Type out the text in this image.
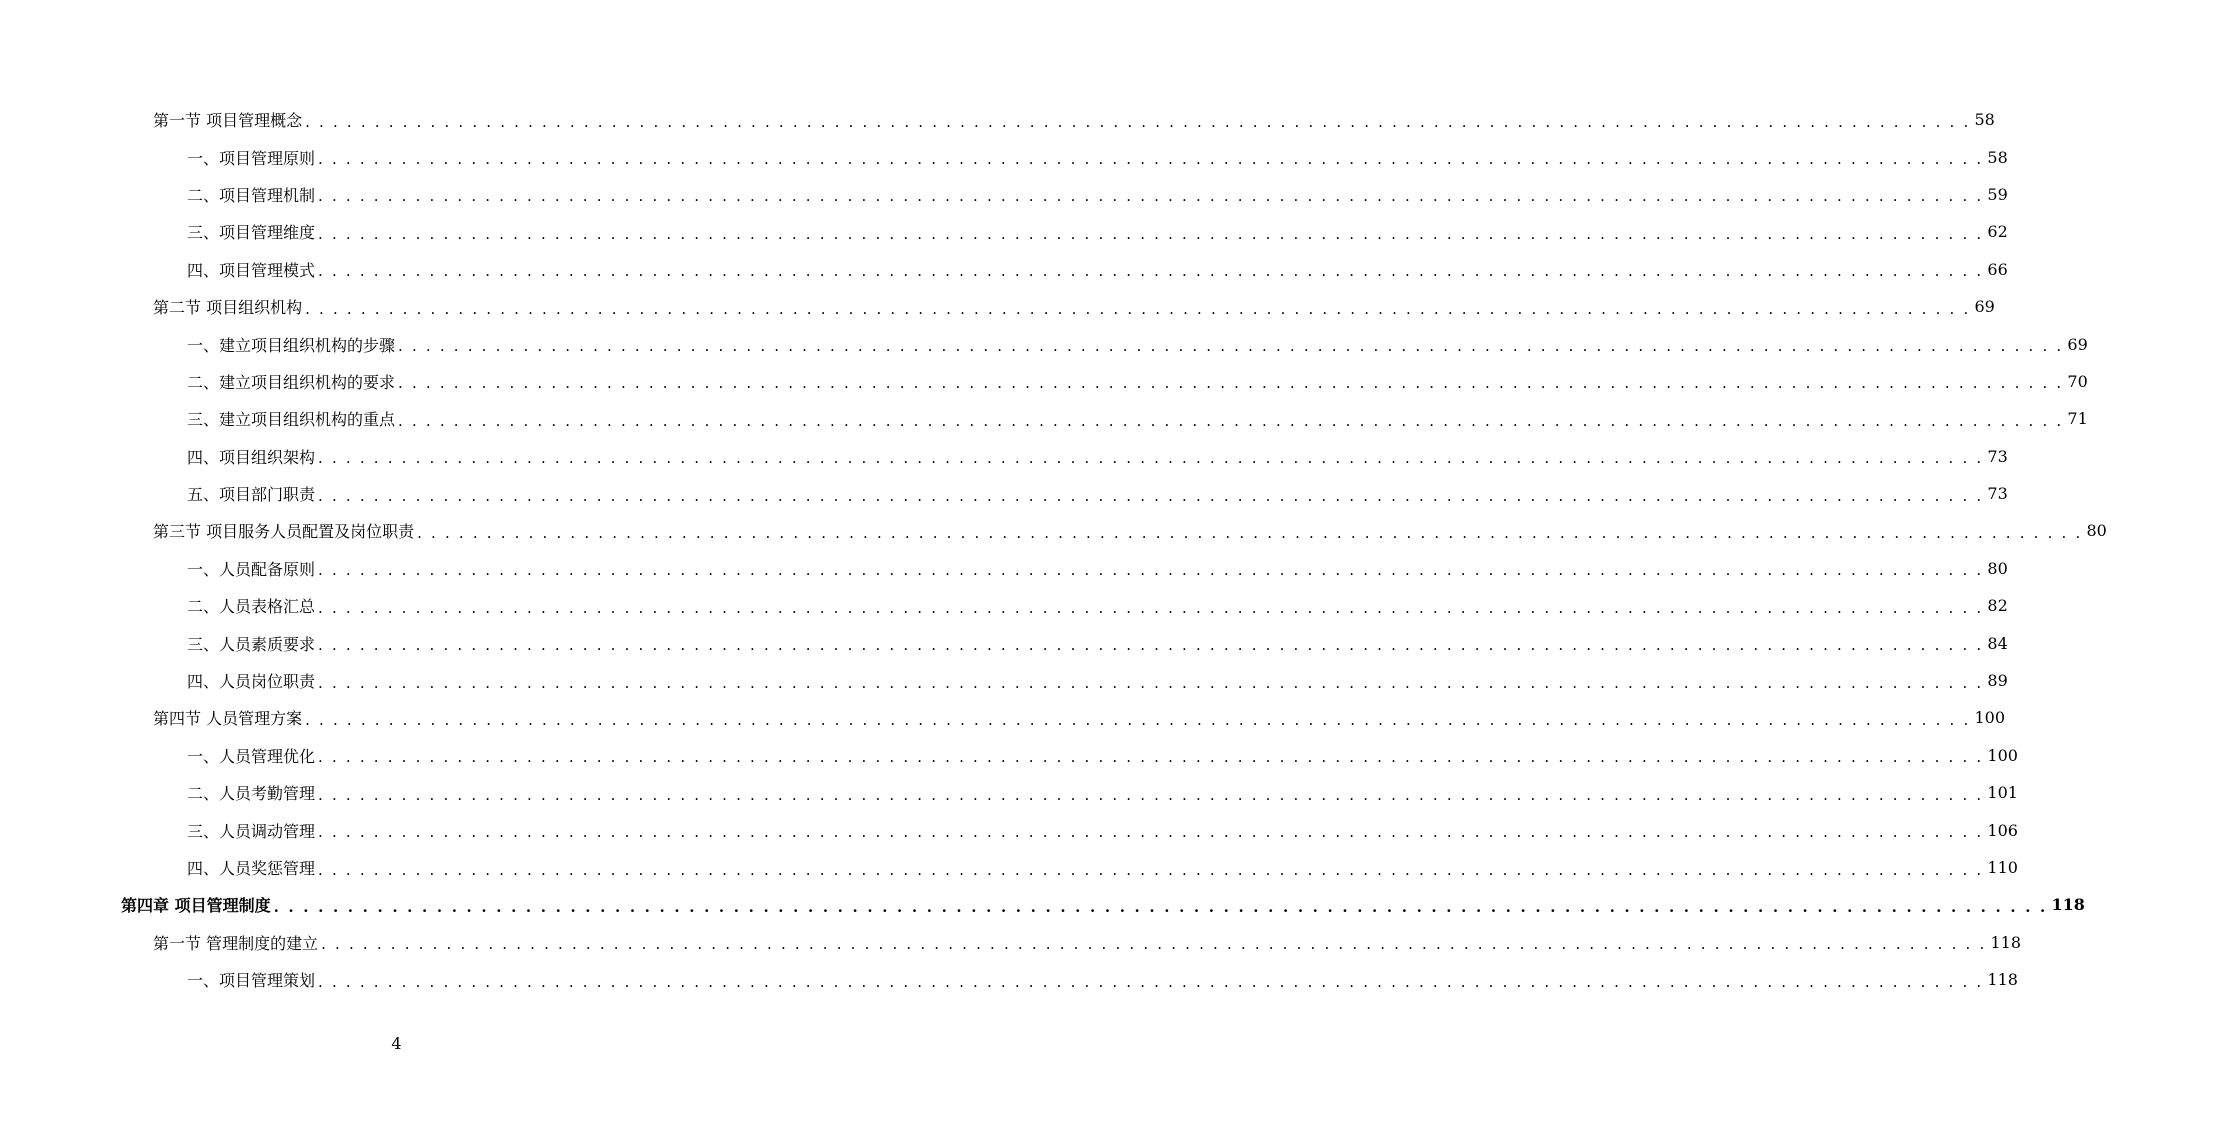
第一节 项目管理概念 . . . . . . . . . . . . . . . . . . . . . . . . . . . . . . . . . . . . . . . . . . . . . . . . . . . . . . . . . . . . . . . . . . . . . . . . . . . . . . . . . . . . . . . . . . . . . . . . . . . . . . . . . . . . . . . . . . . . . . . . 58
一、项目管理原则 . . . . . . . . . . . . . . . . . . . . . . . . . . . . . . . . . . . . . . . . . . . . . . . . . . . . . . . . . . . . . . . . . . . . . . . . . . . . . . . . . . . . . . . . . . . . . . . . . . . . . . . . . . . . . . . . . . . . . . . . 58
二、项目管理机制 . . . . . . . . . . . . . . . . . . . . . . . . . . . . . . . . . . . . . . . . . . . . . . . . . . . . . . . . . . . . . . . . . . . . . . . . . . . . . . . . . . . . . . . . . . . . . . . . . . . . . . . . . . . . . . . . . . . . . . . . 59
三、项目管理维度 . . . . . . . . . . . . . . . . . . . . . . . . . . . . . . . . . . . . . . . . . . . . . . . . . . . . . . . . . . . . . . . . . . . . . . . . . . . . . . . . . . . . . . . . . . . . . . . . . . . . . . . . . . . . . . . . . . . . . . . . 62
四、项目管理模式 . . . . . . . . . . . . . . . . . . . . . . . . . . . . . . . . . . . . . . . . . . . . . . . . . . . . . . . . . . . . . . . . . . . . . . . . . . . . . . . . . . . . . . . . . . . . . . . . . . . . . . . . . . . . . . . . . . . . . . . . 66
第二节 项目组织机构 . . . . . . . . . . . . . . . . . . . . . . . . . . . . . . . . . . . . . . . . . . . . . . . . . . . . . . . . . . . . . . . . . . . . . . . . . . . . . . . . . . . . . . . . . . . . . . . . . . . . . . . . . . . . . . . . . . . . . . . . 69
一、建立项目组织机构的步骤 . . . . . . . . . . . . . . . . . . . . . . . . . . . . . . . . . . . . . . . . . . . . . . . . . . . . . . . . . . . . . . . . . . . . . . . . . . . . . . . . . . . . . . . . . . . . . . . . . . . . . . . . . . . . . . . . . . . . . . . . 69
二、建立项目组织机构的要求 . . . . . . . . . . . . . . . . . . . . . . . . . . . . . . . . . . . . . . . . . . . . . . . . . . . . . . . . . . . . . . . . . . . . . . . . . . . . . . . . . . . . . . . . . . . . . . . . . . . . . . . . . . . . . . . . . . . . . . . . 70
三、建立项目组织机构的重点 . . . . . . . . . . . . . . . . . . . . . . . . . . . . . . . . . . . . . . . . . . . . . . . . . . . . . . . . . . . . . . . . . . . . . . . . . . . . . . . . . . . . . . . . . . . . . . . . . . . . . . . . . . . . . . . . . . . . . . . . 71
四、项目组织架构 . . . . . . . . . . . . . . . . . . . . . . . . . . . . . . . . . . . . . . . . . . . . . . . . . . . . . . . . . . . . . . . . . . . . . . . . . . . . . . . . . . . . . . . . . . . . . . . . . . . . . . . . . . . . . . . . . . . . . . . . 73
五、项目部门职责 . . . . . . . . . . . . . . . . . . . . . . . . . . . . . . . . . . . . . . . . . . . . . . . . . . . . . . . . . . . . . . . . . . . . . . . . . . . . . . . . . . . . . . . . . . . . . . . . . . . . . . . . . . . . . . . . . . . . . . . . 73
第三节 项目服务人员配置及岗位职责 . . . . . . . . . . . . . . . . . . . . . . . . . . . . . . . . . . . . . . . . . . . . . . . . . . . . . . . . . . . . . . . . . . . . . . . . . . . . . . . . . . . . . . . . . . . . . . . . . . . . . . . . . . . . . . . . . . . . . . . . 80
一、人员配备原则 . . . . . . . . . . . . . . . . . . . . . . . . . . . . . . . . . . . . . . . . . . . . . . . . . . . . . . . . . . . . . . . . . . . . . . . . . . . . . . . . . . . . . . . . . . . . . . . . . . . . . . . . . . . . . . . . . . . . . . . . 80
二、人员表格汇总 . . . . . . . . . . . . . . . . . . . . . . . . . . . . . . . . . . . . . . . . . . . . . . . . . . . . . . . . . . . . . . . . . . . . . . . . . . . . . . . . . . . . . . . . . . . . . . . . . . . . . . . . . . . . . . . . . . . . . . . . 82
三、人员素质要求 . . . . . . . . . . . . . . . . . . . . . . . . . . . . . . . . . . . . . . . . . . . . . . . . . . . . . . . . . . . . . . . . . . . . . . . . . . . . . . . . . . . . . . . . . . . . . . . . . . . . . . . . . . . . . . . . . . . . . . . . 84
四、人员岗位职责 . . . . . . . . . . . . . . . . . . . . . . . . . . . . . . . . . . . . . . . . . . . . . . . . . . . . . . . . . . . . . . . . . . . . . . . . . . . . . . . . . . . . . . . . . . . . . . . . . . . . . . . . . . . . . . . . . . . . . . . . 89
第四节 人员管理方案 . . . . . . . . . . . . . . . . . . . . . . . . . . . . . . . . . . . . . . . . . . . . . . . . . . . . . . . . . . . . . . . . . . . . . . . . . . . . . . . . . . . . . . . . . . . . . . . . . . . . . . . . . . . . . . . . . . . . . . . . 100
一、人员管理优化 . . . . . . . . . . . . . . . . . . . . . . . . . . . . . . . . . . . . . . . . . . . . . . . . . . . . . . . . . . . . . . . . . . . . . . . . . . . . . . . . . . . . . . . . . . . . . . . . . . . . . . . . . . . . . . . . . . . . . . . . 100
二、人员考勤管理 . . . . . . . . . . . . . . . . . . . . . . . . . . . . . . . . . . . . . . . . . . . . . . . . . . . . . . . . . . . . . . . . . . . . . . . . . . . . . . . . . . . . . . . . . . . . . . . . . . . . . . . . . . . . . . . . . . . . . . . . 101
三、人员调动管理 . . . . . . . . . . . . . . . . . . . . . . . . . . . . . . . . . . . . . . . . . . . . . . . . . . . . . . . . . . . . . . . . . . . . . . . . . . . . . . . . . . . . . . . . . . . . . . . . . . . . . . . . . . . . . . . . . . . . . . . . 106
四、人员奖惩管理 . . . . . . . . . . . . . . . . . . . . . . . . . . . . . . . . . . . . . . . . . . . . . . . . . . . . . . . . . . . . . . . . . . . . . . . . . . . . . . . . . . . . . . . . . . . . . . . . . . . . . . . . . . . . . . . . . . . . . . . . 110
第四章 项目管理制度 . . . . . . . . . . . . . . . . . . . . . . . . . . . . . . . . . . . . . . . . . . . . . . . . . . . . . . . . . . . . . . . . . . . . . . . . . . . . . . . . . . . . . . . . . . . . . . . . . . . . . . . . . . . . . . . . . . . . . . . . 118
第一节 管理制度的建立 . . . . . . . . . . . . . . . . . . . . . . . . . . . . . . . . . . . . . . . . . . . . . . . . . . . . . . . . . . . . . . . . . . . . . . . . . . . . . . . . . . . . . . . . . . . . . . . . . . . . . . . . . . . . . . . . . . . . . . . . 118
一、项目管理策划 . . . . . . . . . . . . . . . . . . . . . . . . . . . . . . . . . . . . . . . . . . . . . . . . . . . . . . . . . . . . . . . . . . . . . . . . . . . . . . . . . . . . . . . . . . . . . . . . . . . . . . . . . . . . . . . . . . . . . . . . 118
4
